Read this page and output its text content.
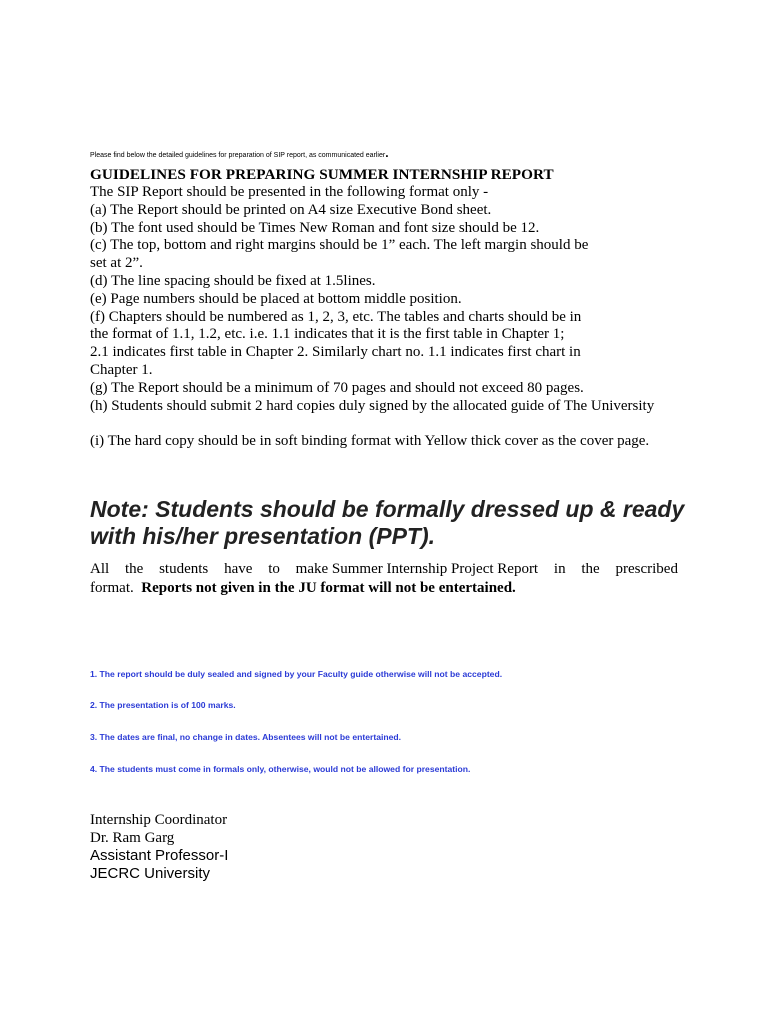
Please find below the detailed guidelines for preparation of SIP report, as communicated earlier.
GUIDELINES FOR PREPARING SUMMER INTERNSHIP REPORT
The SIP Report should be presented in the following format only -
(a) The Report should be printed on A4 size Executive Bond sheet.
(b) The font used should be Times New Roman and font size should be 12.
(c) The top, bottom and right margins should be 1” each. The left margin should be
set at 2”.
(d) The line spacing should be fixed at 1.5lines.
(e) Page numbers should be placed at bottom middle position.
(f) Chapters should be numbered as 1, 2, 3, etc. The tables and charts should be in
the format of 1.1, 1.2, etc. i.e. 1.1 indicates that it is the first table in Chapter 1;
2.1 indicates first table in Chapter 2. Similarly chart no. 1.1 indicates first chart in
Chapter 1.
(g) The Report should be a minimum of 70 pages and should not exceed 80 pages.
(h) Students should submit 2 hard copies duly signed by the allocated guide of The University
(i) The hard copy should be in soft binding format with Yellow thick cover as the cover page.
Note: Students should be formally dressed up & ready
with his/her presentation (PPT).
All the students have to make Summer Internship Project Report in the prescribed
format.  Reports not given in the JU format will not be entertained.
1. The report should be duly sealed and signed by your Faculty guide otherwise will not be accepted.
2. The presentation is of 100 marks.
3. The dates are final, no change in dates. Absentees will not be entertained.
4. The students must come in formals only, otherwise, would not be allowed for presentation.
Internship Coordinator
Dr. Ram Garg
Assistant Professor-I
JECRC University
